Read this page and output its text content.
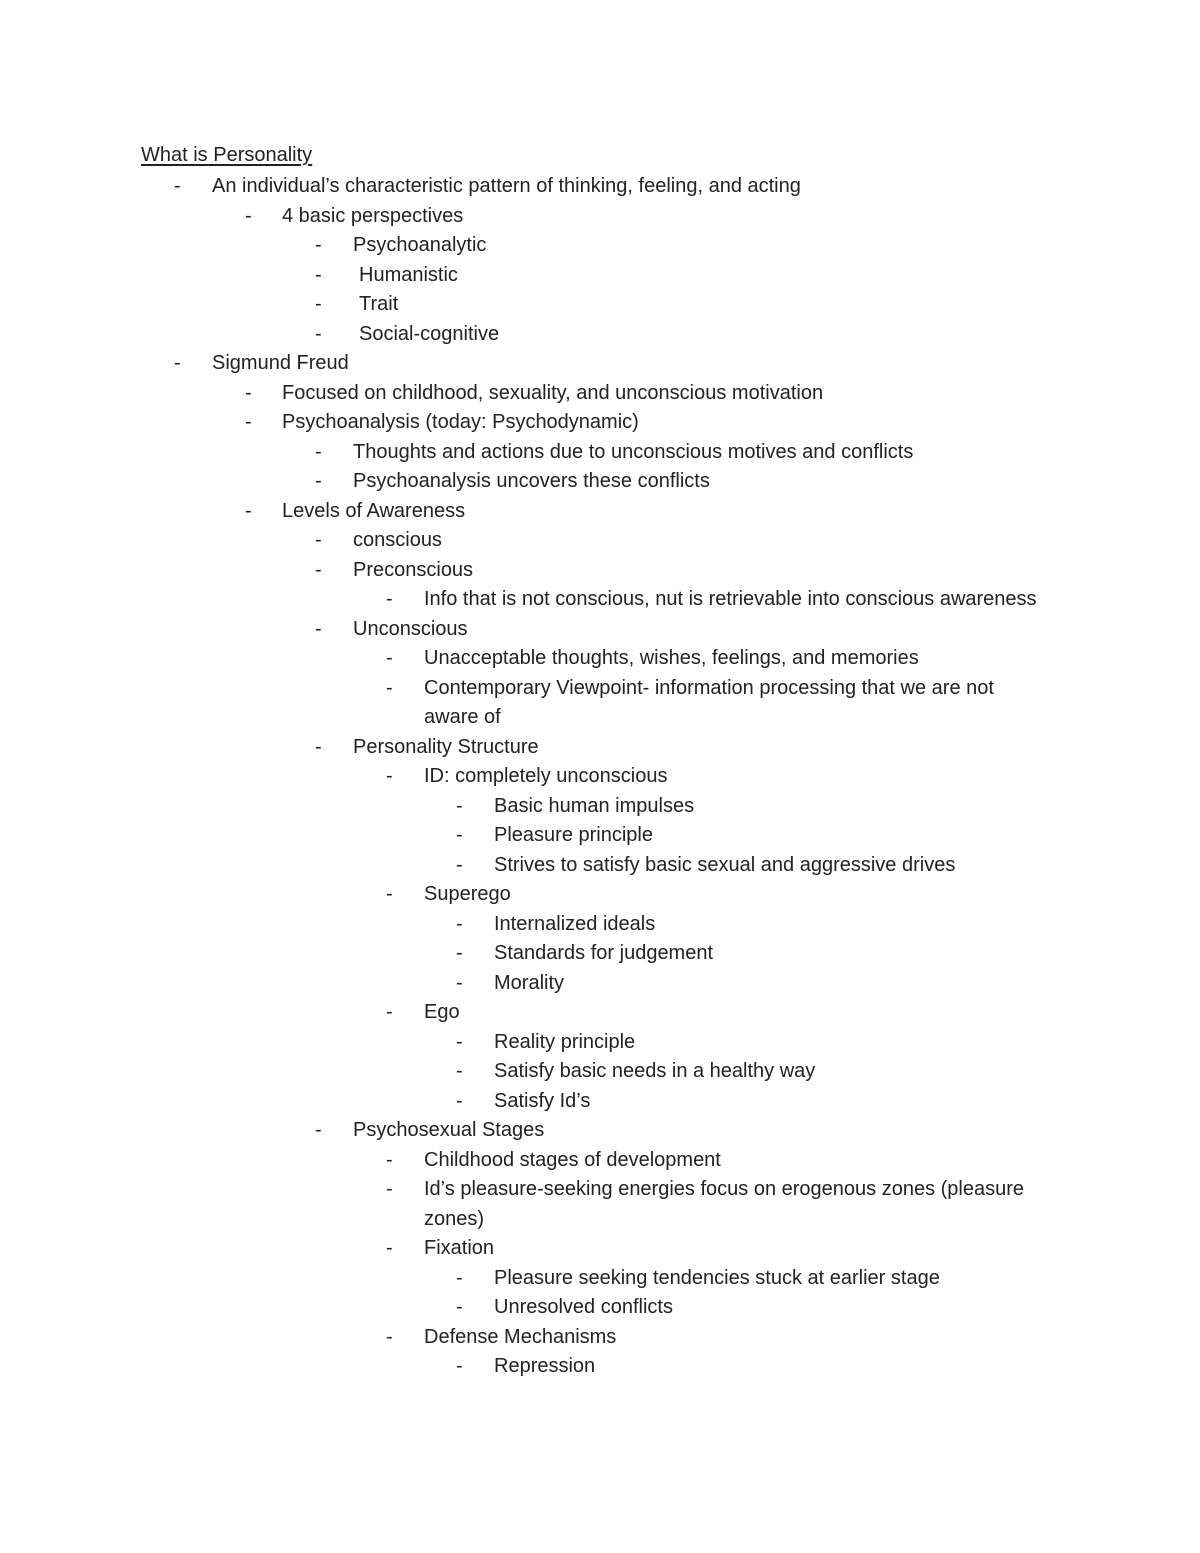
What is Personality
-	An individual’s characteristic pattern of thinking, feeling, and acting
-	4 basic perspectives
-	Psychoanalytic
-	Humanistic
-	Trait
-	Social-cognitive
-	Sigmund Freud
-	Focused on childhood, sexuality, and unconscious motivation
-	Psychoanalysis (today: Psychodynamic)
-	Thoughts and actions due to unconscious motives and conflicts
-	Psychoanalysis uncovers these conflicts
-	Levels of Awareness
-	conscious
-	Preconscious
-	Info that is not conscious, nut is retrievable into conscious awareness
-	Unconscious
-	Unacceptable thoughts, wishes, feelings, and memories
-	Contemporary Viewpoint- information processing that we are not aware of
-	Personality Structure
-	ID: completely unconscious
-	Basic human impulses
-	Pleasure principle
-	Strives to satisfy basic sexual and aggressive drives
-	Superego
-	Internalized ideals
-	Standards for judgement
-	Morality
-	Ego
-	Reality principle
-	Satisfy basic needs in a healthy way
-	Satisfy Id’s
-	Psychosexual Stages
-	Childhood stages of development
-	Id’s pleasure-seeking energies focus on erogenous zones (pleasure zones)
-	Fixation
-	Pleasure seeking tendencies stuck at earlier stage
-	Unresolved conflicts
-	Defense Mechanisms
-	Repression
